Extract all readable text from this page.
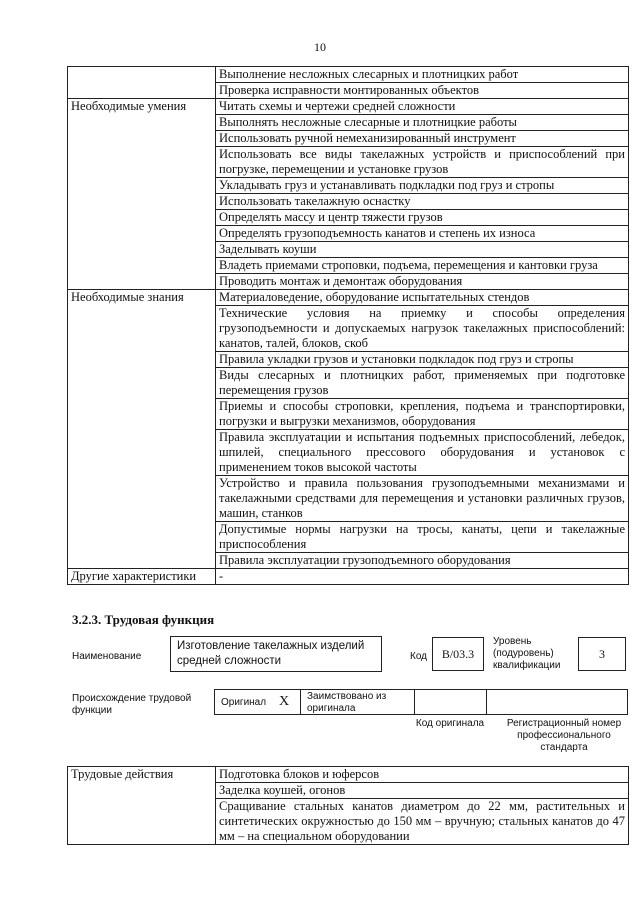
10
	Выполнение несложных слесарных и плотницких работ
	Проверка исправности монтированных объектов
Необходимые умения	Читать схемы и чертежи средней сложности
	Выполнять несложные слесарные и плотницкие работы
	Использовать ручной немеханизированный инструмент
	Использовать все виды такелажных устройств и приспособлений при погрузке, перемещении и установке грузов
	Укладывать груз и устанавливать подкладки под груз и стропы
	Использовать такелажную оснастку
	Определять массу и центр тяжести грузов
	Определять грузоподъемность канатов и степень их износа
	Заделывать коуши
	Владеть приемами строповки, подъема, перемещения и кантовки груза
	Проводить монтаж и демонтаж оборудования
Необходимые знания	Материаловедение, оборудование испытательных стендов
	Технические условия на приемку и способы определения грузоподъемности и допускаемых нагрузок такелажных приспособлений: канатов, талей, блоков, скоб
	Правила укладки грузов и установки подкладок под груз и стропы
	Виды слесарных и плотницких работ, применяемых при подготовке перемещения грузов
	Приемы и способы строповки, крепления, подъема и транспортировки, погрузки и выгрузки механизмов, оборудования
	Правила эксплуатации и испытания подъемных приспособлений, лебедок, шпилей, специального прессового оборудования и установок с применением токов высокой частоты
	Устройство и правила пользования грузоподъемными механизмами и такелажными средствами для перемещения и установки различных грузов, машин, станков
	Допустимые нормы нагрузки на тросы, канаты, цепи и такелажные приспособления
	Правила эксплуатации грузоподъемного оборудования
Другие характеристики	-
3.2.3. Трудовая функция
Наименование
Изготовление такелажных изделий средней сложности	Код	B/03.3
Уровень (подуровень) квалификации
3
Происхождение трудовой функции
Оригинал X Заимствовано из оригинала
Код оригинала	Регистрационный номер профессионального стандарта
Трудовые действия	Подготовка блоков и юферсов
Заделка коушей, огонов
Сращивание стальных канатов диаметром до 22 мм, растительных и синтетических окружностью до 150 мм – вручную; стальных канатов до 47 мм – на специальном оборудовании
